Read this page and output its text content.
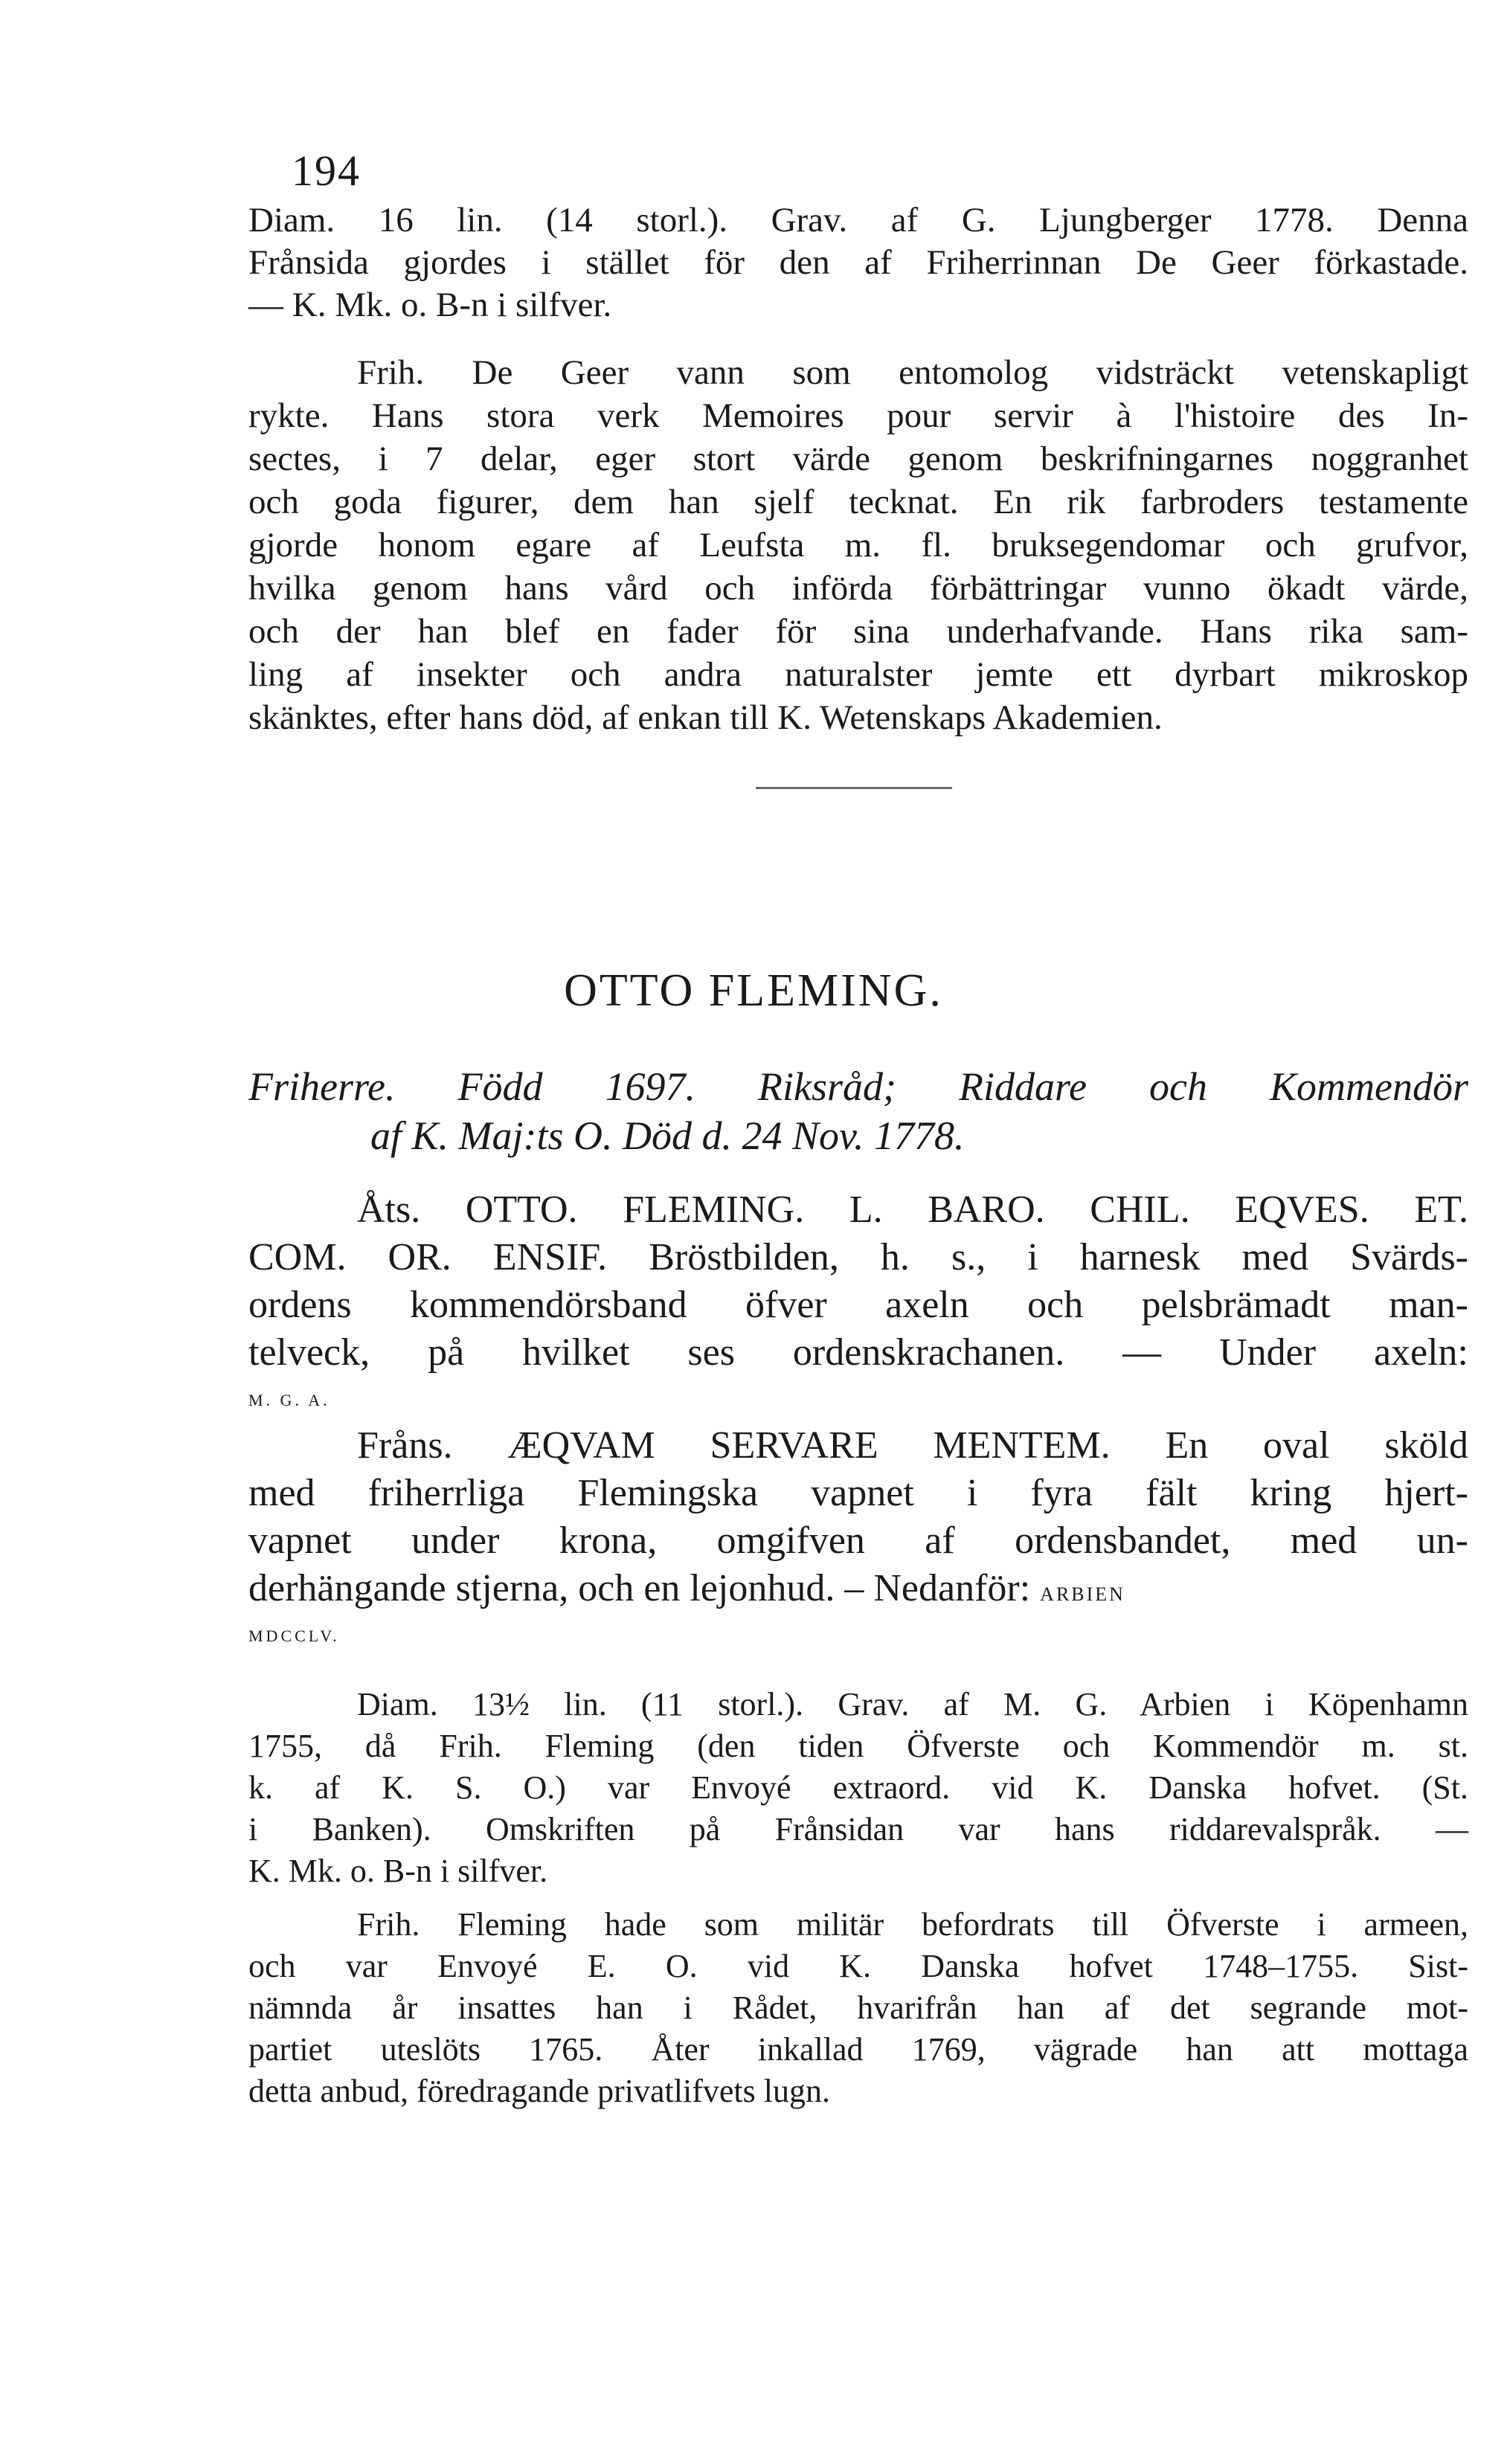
194
Diam. 16 lin. (14 storl.). Grav. af G. Ljungberger 1778. Denna
Frånsida gjordes i stället för den af Friherrinnan De Geer förkastade.
— K. Mk. o. B-n i silfver.
Frih. De Geer vann som entomolog vidsträckt vetenskapligt
rykte. Hans stora verk Memoires pour servir à l'histoire des In-
sectes, i 7 delar, eger stort värde genom beskrifningarnes noggranhet
och goda figurer, dem han sjelf tecknat. En rik farbroders testamente
gjorde honom egare af Leufsta m. fl. bruksegendomar och grufvor,
hvilka genom hans vård och införda förbättringar vunno ökadt värde,
och der han blef en fader för sina underhafvande. Hans rika sam-
ling af insekter och andra naturalster jemte ett dyrbart mikroskop
skänktes, efter hans död, af enkan till K. Wetenskaps Akademien.
OTTO FLEMING.
Friherre. Född 1697. Riksråd; Riddare och Kommendör
af K. Maj:ts O. Död d. 24 Nov. 1778.
Åts. OTTO. FLEMING. L. BARO. CHIL. EQVES. ET.
COM. OR. ENSIF. Bröstbilden, h. s., i harnesk med Svärds-
ordens kommendörsband öfver axeln och pelsbrämadt man-
telveck, på hvilket ses ordenskrachanen. — Under axeln:
M. G. A.
Fråns. ÆQVAM SERVARE MENTEM. En oval sköld
med friherrliga Flemingska vapnet i fyra fält kring hjert-
vapnet under krona, omgifven af ordensbandet, med un-
derhängande stjerna, och en lejonhud. – Nedanför: ARBIEN
MDCCLV.
Diam. 13½ lin. (11 storl.). Grav. af M. G. Arbien i Köpenhamn
1755, då Frih. Fleming (den tiden Öfverste och Kommendör m. st.
k. af K. S. O.) var Envoyé extraord. vid K. Danska hofvet. (St.
i Banken). Omskriften på Frånsidan var hans riddarevalspråk. —
K. Mk. o. B-n i silfver.
Frih. Fleming hade som militär befordrats till Öfverste i armeen,
och var Envoyé E. O. vid K. Danska hofvet 1748–1755. Sist-
nämnda år insattes han i Rådet, hvarifrån han af det segrande mot-
partiet uteslöts 1765. Åter inkallad 1769, vägrade han att mottaga
detta anbud, föredragande privatlifvets lugn.
